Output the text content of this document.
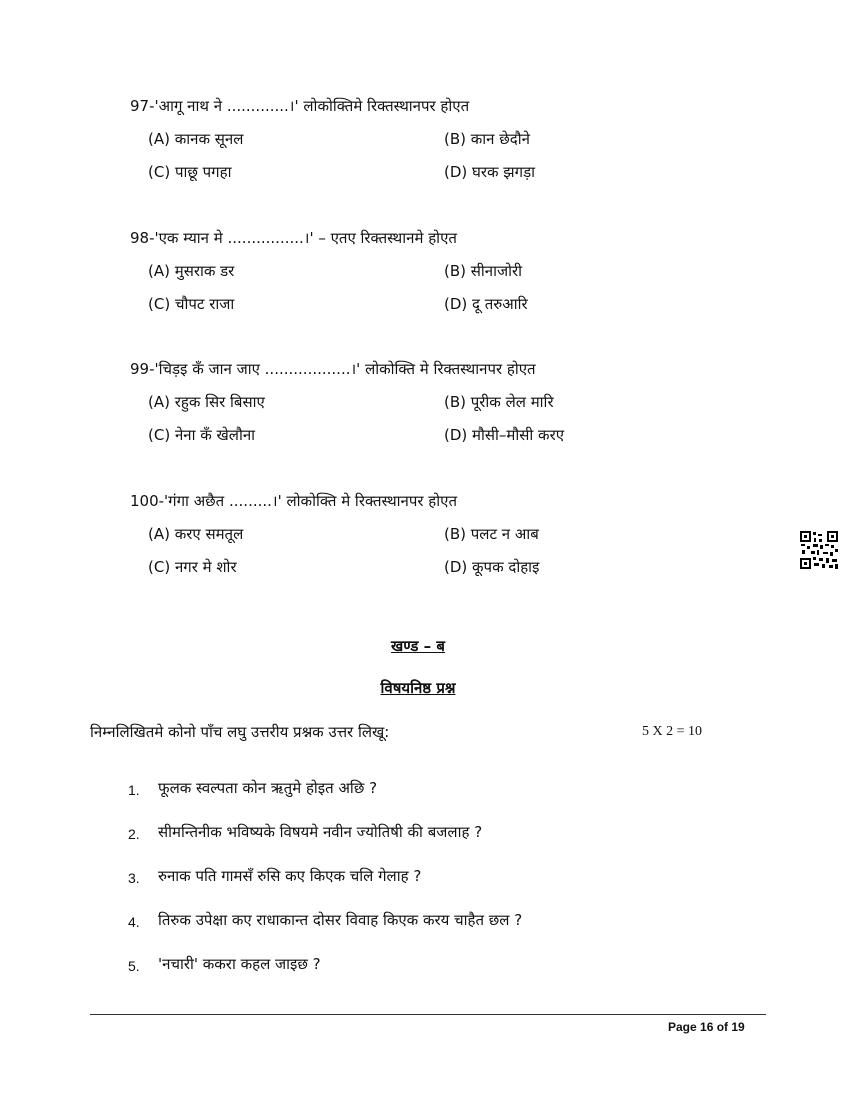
97-'आगू नाथ ने .............।' लोकोक्तिमे रिक्तस्थानपर होएत
(A) कानक सूनल	(B) कान छेदौने
(C) पाछू पगहा	(D) घरक झगड़ा
98-'एक म्यान मे ................।' – एतए रिक्तस्थानमे होएत
(A) मुसराक डर	(B) सीनाजोरी
(C) चौपट राजा	(D) दू तरुआरि
99-'चिड़इ कँ जान जाए ..................।' लोकोक्ति मे रिक्तस्थानपर होएत
(A) रहुक सिर बिसाए	(B) पूरीक लेल मारि
(C) नेना कँ खेलौना	(D) मौसी–मौसी करए
100-'गंगा अछैत .........।' लोकोक्ति मे रिक्तस्थानपर होएत
(A) करए समतूल	(B) पलट न आब
(C) नगर मे शोर	(D) कूपक दोहाइ
खण्ड – ब
विषयनिष्ठ प्रश्न
निम्नलिखितमे कोनो पाँच लघु उत्तरीय प्रश्नक उत्तर लिखू:	5 X 2 = 10
1. फूलक स्वल्पता कोन ऋतुमे होइत अछि ?
2. सीमन्तिनीक भविष्यके विषयमे नवीन ज्योतिषी की बजलाह ?
3. रुनाक पति गामसँ रुसि कए किएक चलि गेलाह ?
4. तिरुक उपेक्षा कए राधाकान्त दोसर विवाह किएक करय चाहैत छल ?
5. 'नचारी' ककरा कहल जाइछ ?
Page 16 of 19
